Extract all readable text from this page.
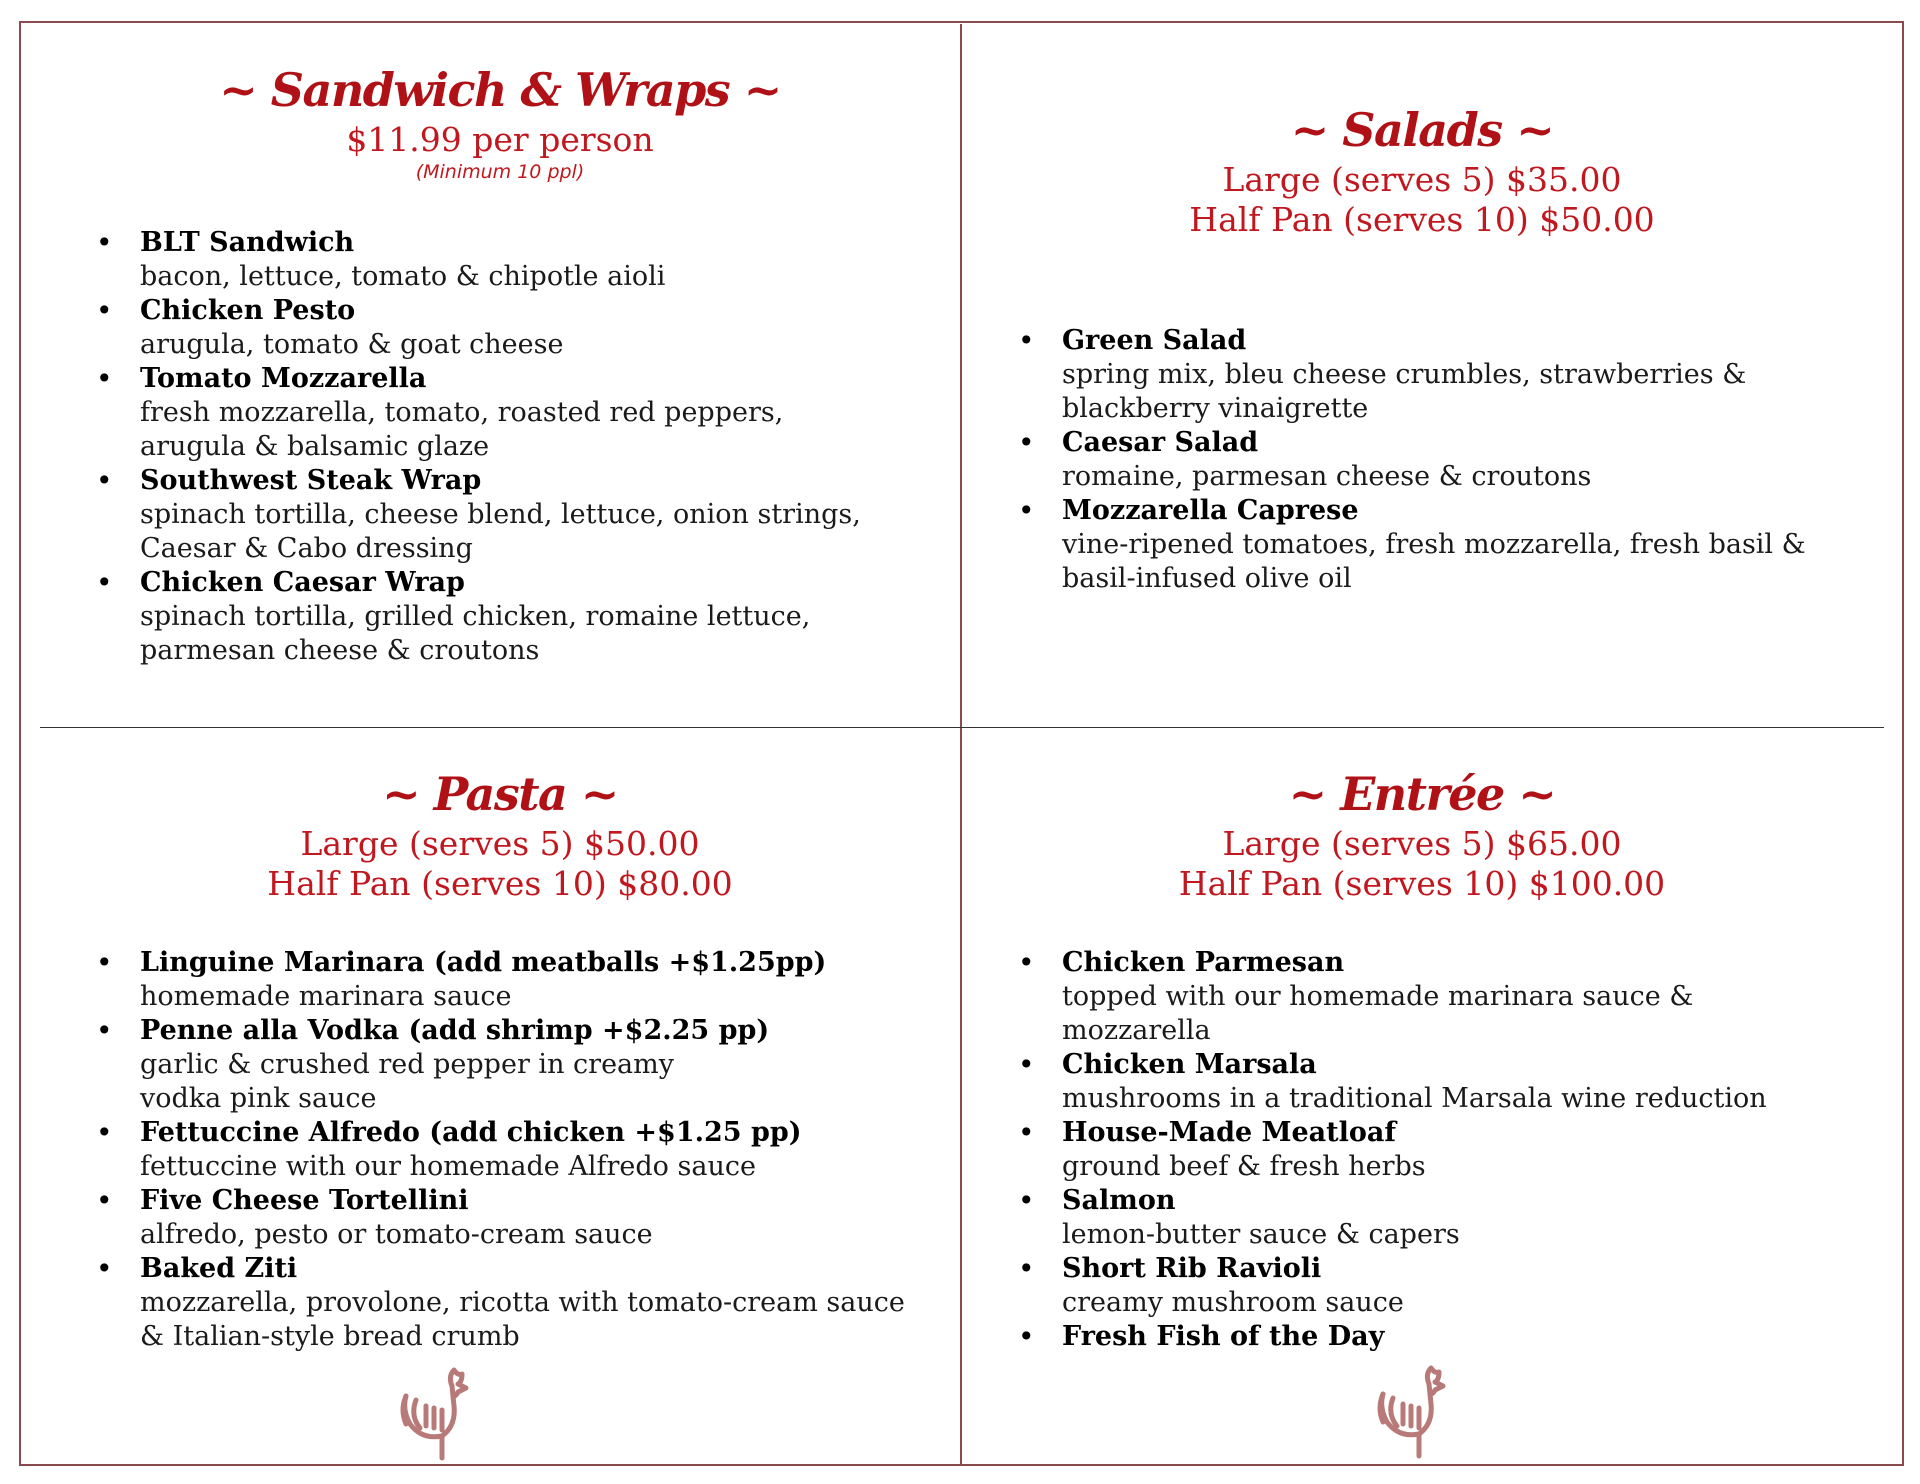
~ Sandwich & Wraps ~

$11.99 per person

(Minimum 10 ppl)

• BLT Sandwich
bacon, lettuce, tomato & chipotle aioli
• Chicken Pesto
arugula, tomato & goat cheese
• Tomato Mozzarella
fresh mozzarella, tomato, roasted red peppers,
arugula & balsamic glaze
• Southwest Steak Wrap
spinach tortilla, cheese blend, lettuce, onion strings,
Caesar & Cabo dressing
• Chicken Caesar Wrap
spinach tortilla, grilled chicken, romaine lettuce,
parmesan cheese & croutons
~ Salads ~

Large (serves 5) $35.00

Half Pan (serves 10) $50.00

• Green Salad
spring mix, bleu cheese crumbles, strawberries &
blackberry vinaigrette
• Caesar Salad
romaine, parmesan cheese & croutons
• Mozzarella Caprese
vine-ripened tomatoes, fresh mozzarella, fresh basil &
basil-infused olive oil
~ Pasta ~

Large (serves 5) $50.00

Half Pan (serves 10) $80.00

• Linguine Marinara (add meatballs +$1.25pp)
homemade marinara sauce
• Penne alla Vodka (add shrimp +$2.25 pp)
garlic & crushed red pepper in creamy
vodka pink sauce
• Fettuccine Alfredo (add chicken +$1.25 pp)
fettuccine with our homemade Alfredo sauce
• Five Cheese Tortellini
alfredo, pesto or tomato-cream sauce
• Baked Ziti
mozzarella, provolone, ricotta with tomato-cream sauce
& Italian-style bread crumb
~ Entrée ~

Large (serves 5) $65.00

Half Pan (serves 10) $100.00

• Chicken Parmesan
topped with our homemade marinara sauce &
mozzarella
• Chicken Marsala
mushrooms in a traditional Marsala wine reduction
• House-Made Meatloaf
ground beef & fresh herbs
• Salmon
lemon-butter sauce & capers
• Short Rib Ravioli
creamy mushroom sauce
• Fresh Fish of the Day
